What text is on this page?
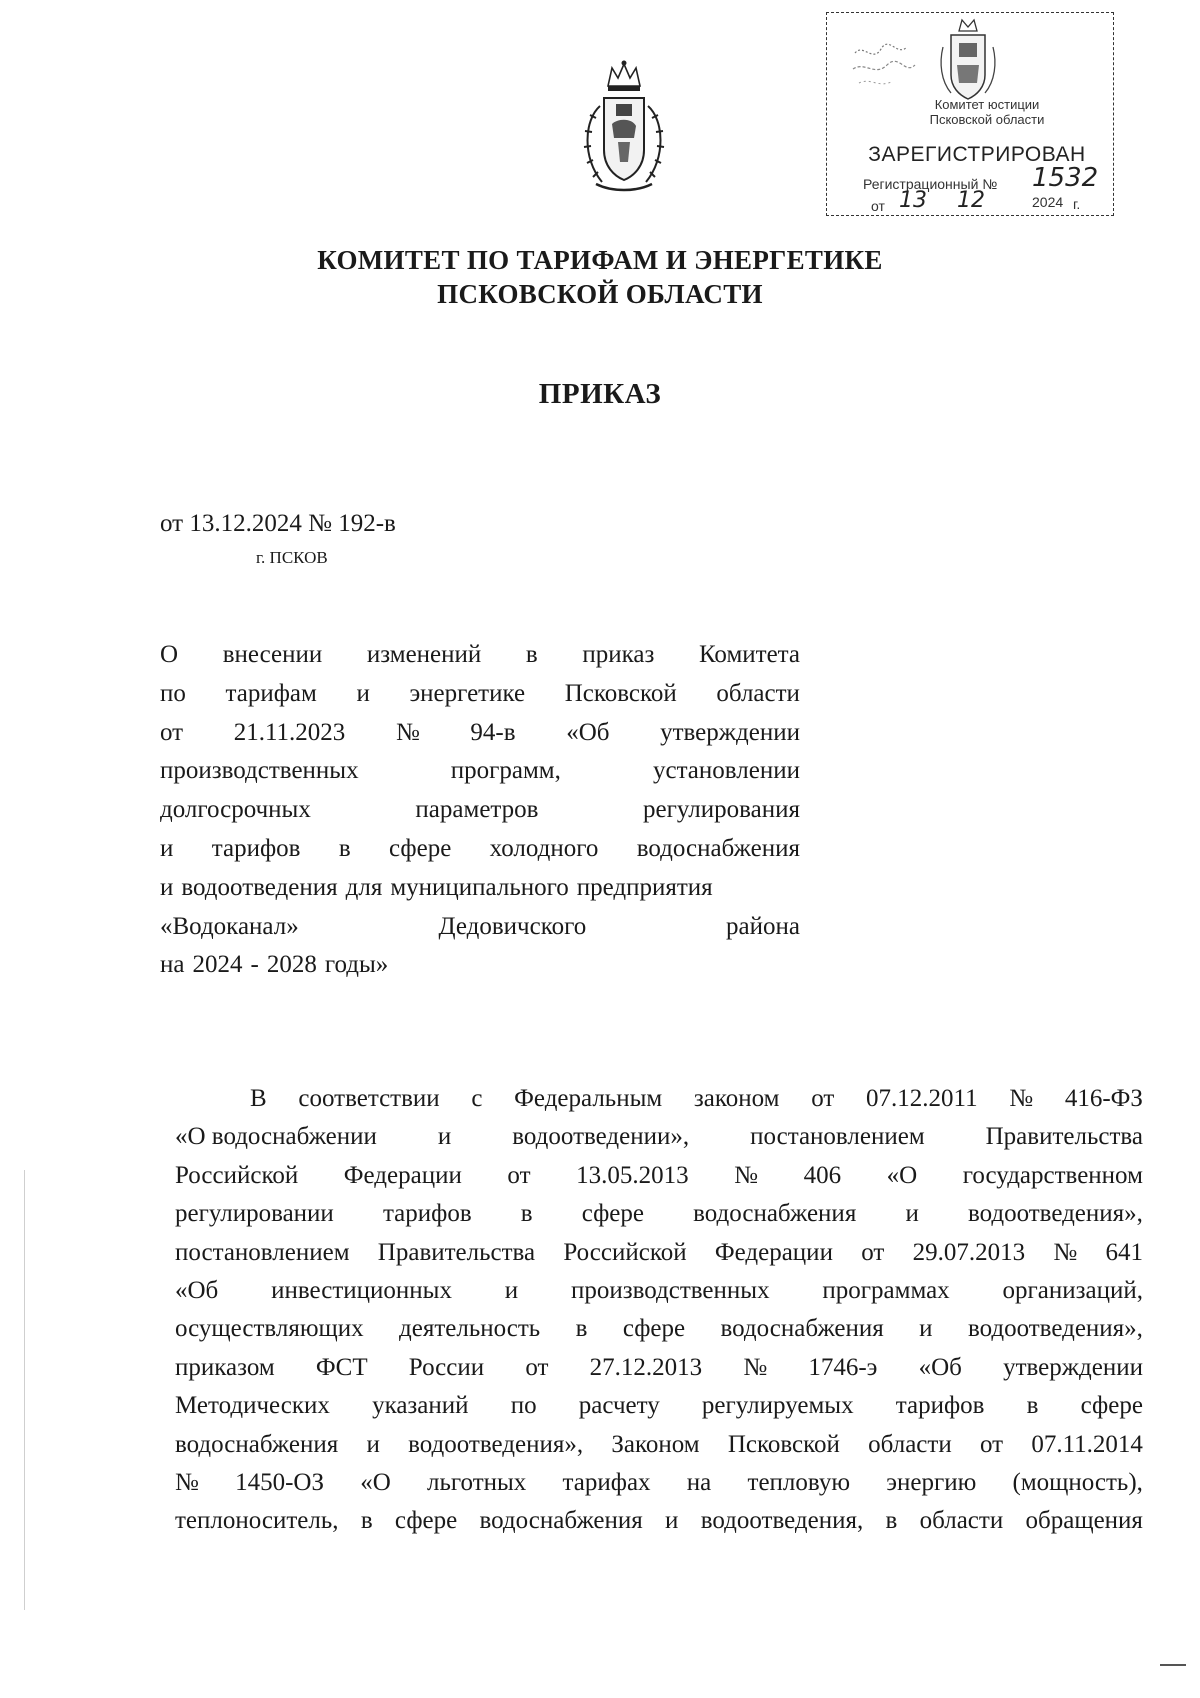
Комитет юстиции
Псковской области
ЗАРЕГИСТРИРОВАН
Регистрационный № 1532
от 13 12	2024 г.
КОМИТЕТ ПО ТАРИФАМ И ЭНЕРГЕТИКЕ
ПСКОВСКОЙ ОБЛАСТИ
ПРИКАЗ
от 13.12.2024 № 192-в
г. ПСКОВ
О внесении изменений в приказ Комитета
по тарифам и энергетике Псковской области
от 21.11.2023 № 94-в «Об утверждении
производственных	программ,	установлении
долгосрочных	параметров	регулирования
и тарифов в сфере холодного водоснабжения
и водоотведения для муниципального предприятия
«Водоканал»	Дедовичского	района
на 2024 - 2028 годы»
В соответствии с Федеральным законом от 07.12.2011 № 416-ФЗ
«О водоснабжении и водоотведении», постановлением Правительства
Российской Федерации от 13.05.2013 № 406 «О государственном
регулировании тарифов в сфере водоснабжения и водоотведения»,
постановлением Правительства Российской Федерации от 29.07.2013 № 641
«Об инвестиционных и производственных программах организаций,
осуществляющих деятельность в сфере водоснабжения и водоотведения»,
приказом ФСТ России от 27.12.2013 № 1746-э «Об утверждении
Методических указаний по расчету регулируемых тарифов в сфере
водоснабжения и водоотведения», Законом Псковской области от 07.11.2014
№ 1450-ОЗ «О льготных тарифах на тепловую энергию (мощность),
теплоноситель, в сфере водоснабжения и водоотведения, в области обращения
